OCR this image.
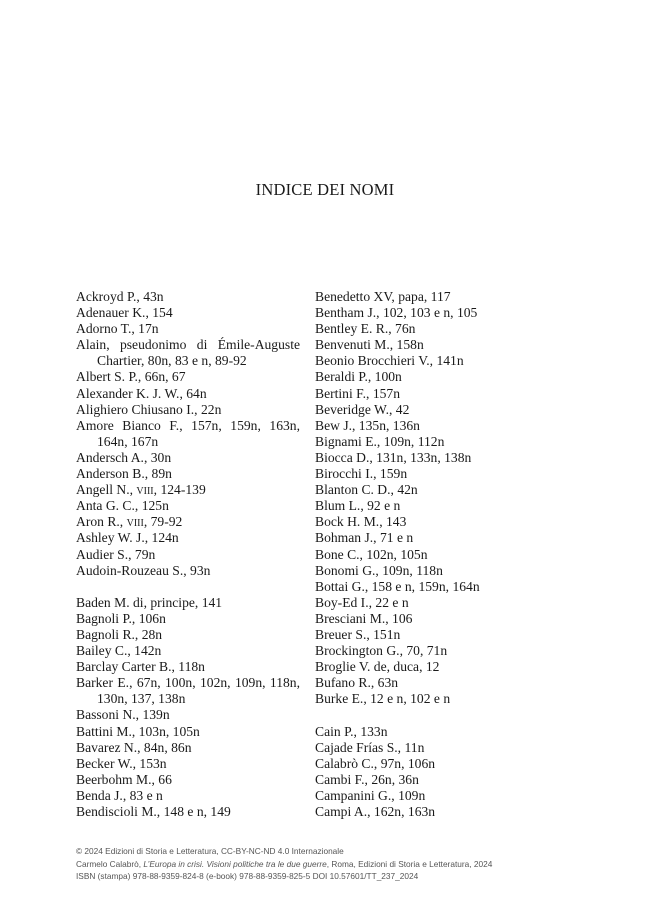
INDICE DEI NOMI
Ackroyd P., 43n
Adenauer K., 154
Adorno T., 17n
Alain, pseudonimo di Émile-Auguste Chartier, 80n, 83 e n, 89-92
Albert S. P., 66n, 67
Alexander K. J. W., 64n
Alighiero Chiusano I., 22n
Amore Bianco F., 157n, 159n, 163n, 164n, 167n
Andersch A., 30n
Anderson B., 89n
Angell N., viii, 124-139
Anta G. C., 125n
Aron R., viii, 79-92
Ashley W. J., 124n
Audier S., 79n
Audoin-Rouzeau S., 93n
Baden M. di, principe, 141
Bagnoli P., 106n
Bagnoli R., 28n
Bailey C., 142n
Barclay Carter B., 118n
Barker E., 67n, 100n, 102n, 109n, 118n, 130n, 137, 138n
Bassoni N., 139n
Battini M., 103n, 105n
Bavarez N., 84n, 86n
Becker W., 153n
Beerbohm M., 66
Benda J., 83 e n
Bendiscioli M., 148 e n, 149
Benedetto XV, papa, 117
Bentham J., 102, 103 e n, 105
Bentley E. R., 76n
Benvenuti M., 158n
Beonio Brocchieri V., 141n
Beraldi P., 100n
Bertini F., 157n
Beveridge W., 42
Bew J., 135n, 136n
Bignami E., 109n, 112n
Biocca D., 131n, 133n, 138n
Birocchi I., 159n
Blanton C. D., 42n
Blum L., 92 e n
Bock H. M., 143
Bohman J., 71 e n
Bone C., 102n, 105n
Bonomi G., 109n, 118n
Bottai G., 158 e n, 159n, 164n
Boy-Ed I., 22 e n
Bresciani M., 106
Breuer S., 151n
Brockington G., 70, 71n
Broglie V. de, duca, 12
Bufano R., 63n
Burke E., 12 e n, 102 e n
Cain P., 133n
Cajade Frías S., 11n
Calabrò C., 97n, 106n
Cambi F., 26n, 36n
Campanini G., 109n
Campi A., 162n, 163n
© 2024 Edizioni di Storia e Letteratura, CC-BY-NC-ND 4.0 Internazionale
Carmelo Calabrò, L’Europa in crisi. Visioni politiche tra le due guerre, Roma, Edizioni di Storia e Letteratura, 2024
ISBN (stampa) 978-88-9359-824-8 (e-book) 978-88-9359-825-5 DOI 10.57601/TT_237_2024
